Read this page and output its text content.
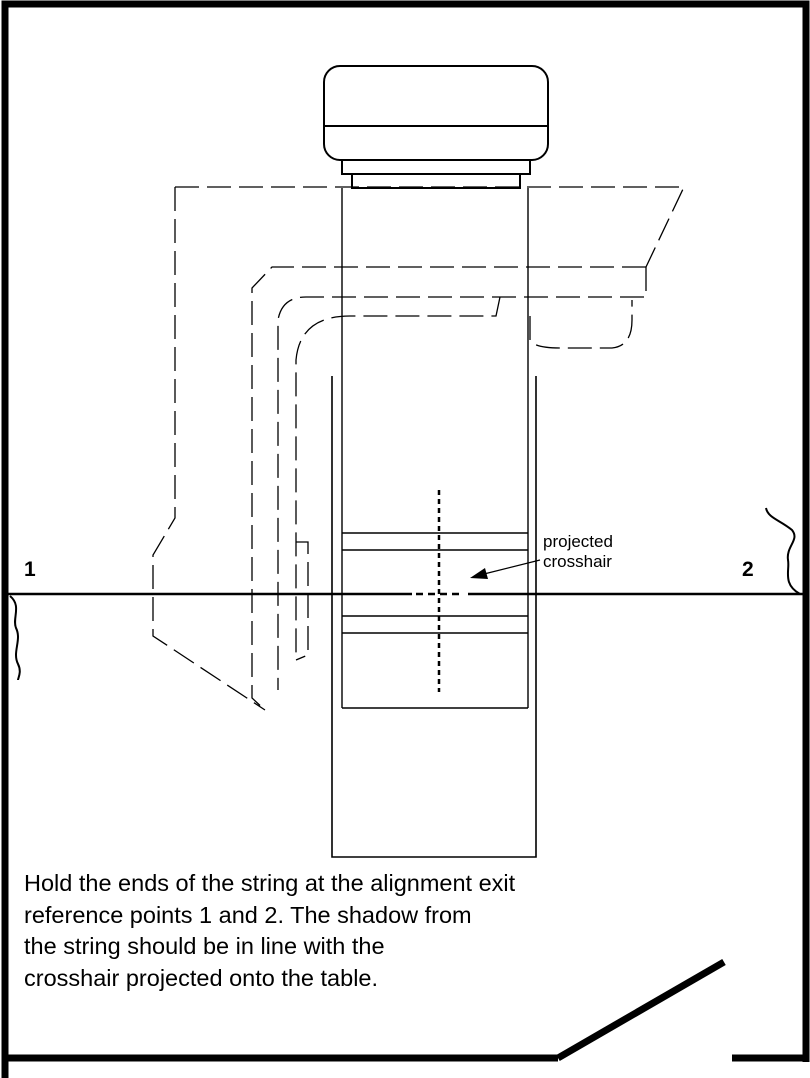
1	2
projected
crosshair
Hold the ends of the string at the alignment exit
reference points 1 and 2. The shadow from
the string should be in line with the
crosshair projected onto the table.
